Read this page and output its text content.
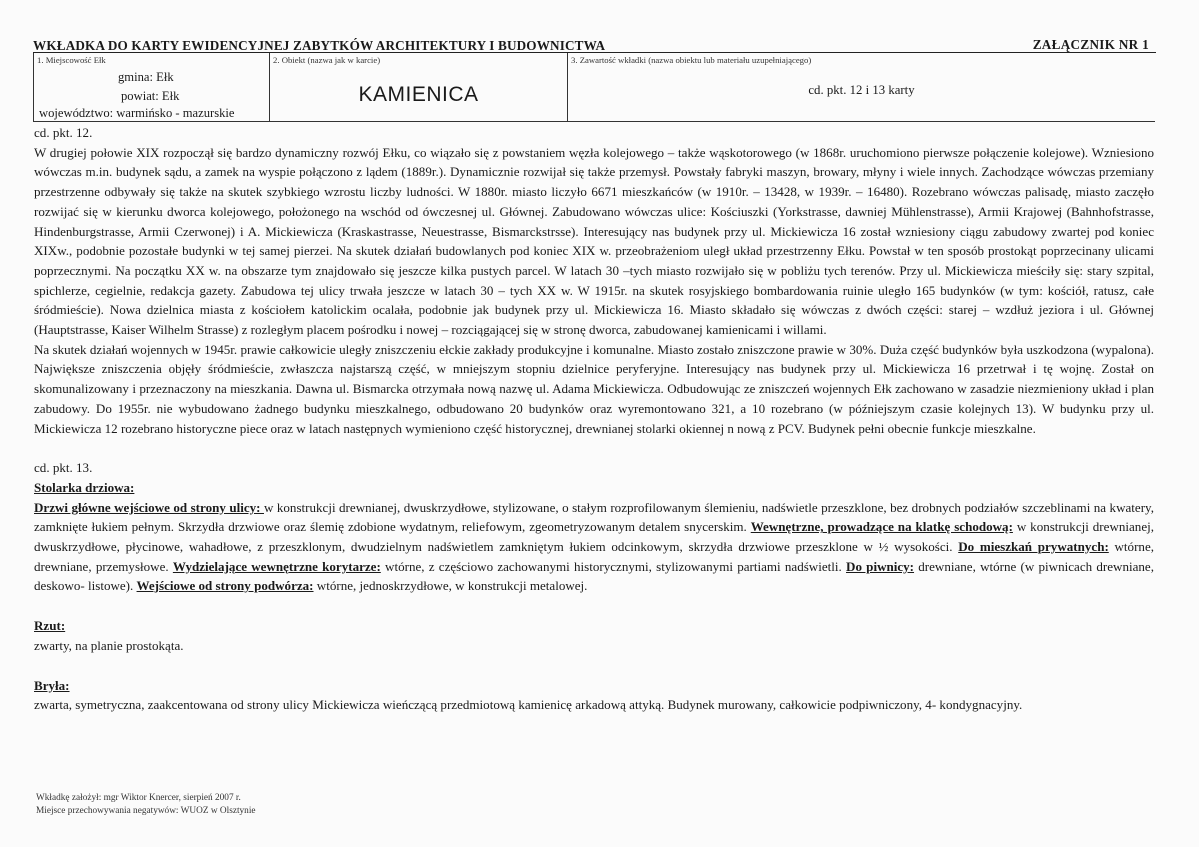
WKŁADKA DO KARTY EWIDENCYJNEJ ZABYTKÓW ARCHITEKTURY I BUDOWNICTWA	ZAŁĄCZNIK NR 1
1. Miejscowość Ełk
gmina: Ełk
powiat: Ełk
województwo: warmińsko - mazurskie
2. Obiekt (nazwa jak w karcie)
KAMIENICA
3. Zawartość wkładki (nazwa obiektu lub materiału uzupełniającego)
cd. pkt. 12 i 13 karty
cd. pkt. 12.

W drugiej połowie XIX rozpoczął się bardzo dynamiczny rozwój Ełku, co wiązało się z powstaniem węzła kolejowego – także wąskotorowego (w 1868r. uruchomiono pierwsze połączenie kolejowe). Wzniesiono wówczas m.in. budynek sądu, a zamek na wyspie połączono z lądem (1889r.). Dynamicznie rozwijał się także przemysł. Powstały fabryki maszyn, browary, młyny i wiele innych. Zachodzące wówczas przemiany przestrzenne odbywały się także na skutek szybkiego wzrostu liczby ludności. W 1880r. miasto liczyło 6671 mieszkańców (w 1910r. – 13428, w 1939r. – 16480). Rozebrano wówczas palisadę, miasto zaczęło rozwijać się w kierunku dworca kolejowego, położonego na wschód od ówczesnej ul. Głównej. Zabudowano wówczas ulice: Kościuszki (Yorkstrasse, dawniej Mühlenstrasse), Armii Krajowej (Bahnhofstrasse, Hindenburgstrasse, Armii Czerwonej) i A. Mickiewicza (Kraskastrasse, Neuestrasse, Bismarckstrsse). Interesujący nas budynek przy ul. Mickiewicza 16 został wzniesiony ciągu zabudowy zwartej pod koniec XIXw., podobnie pozostałe budynki w tej samej pierzei. Na skutek działań budowlanych pod koniec XIX w. przeobrażeniom uległ układ przestrzenny Ełku. Powstał w ten sposób prostokąt poprzecinany ulicami poprzecznymi. Na początku XX w. na obszarze tym znajdowało się jeszcze kilka pustych parcel. W latach 30 –tych miasto rozwijało się w pobliżu tych terenów. Przy ul. Mickiewicza mieściły się: stary szpital, spichlerze, cegielnie, redakcja gazety. Zabudowa tej ulicy trwała jeszcze w latach 30 – tych XX w. W 1915r. na skutek rosyjskiego bombardowania ruinie uległo 165 budynków (w tym: kościół, ratusz, całe śródmieście). Nowa dzielnica miasta z kościołem katolickim ocalała, podobnie jak budynek przy ul. Mickiewicza 16. Miasto składało się wówczas z dwóch części: starej – wzdłuż jeziora i ul. Głównej (Hauptstrasse, Kaiser Wilhelm Strasse) z rozległym placem pośrodku i nowej – rozciągającej się w stronę dworca, zabudowanej kamienicami i willami.

Na skutek działań wojennych w 1945r. prawie całkowicie uległy zniszczeniu ełckie zakłady produkcyjne i komunalne. Miasto zostało zniszczone prawie w 30%. Duża część budynków była uszkodzona (wypalona). Największe zniszczenia objęły śródmieście, zwłaszcza najstarszą część, w mniejszym stopniu dzielnice peryferyjne. Interesujący nas budynek przy ul. Mickiewicza 16 przetrwał i tę wojnę. Został on skomunalizowany i przeznaczony na mieszkania. Dawna ul. Bismarcka otrzymała nową nazwę ul. Adama Mickiewicza. Odbudowując ze zniszczeń wojennych Ełk zachowano w zasadzie niezmieniony układ i plan zabudowy. Do 1955r. nie wybudowano żadnego budynku mieszkalnego, odbudowano 20 budynków oraz wyremontowano 321, a 10 rozebrano (w późniejszym czasie kolejnych 13). W budynku przy ul. Mickiewicza 12 rozebrano historyczne piece oraz w latach następnych wymieniono część historycznej, drewnianej stolarki okiennej n nową z PCV. Budynek pełni obecnie funkcje mieszkalne.

cd. pkt. 13.
Stolarka drziowa:

Drzwi główne wejściowe od strony ulicy: w konstrukcji drewnianej, dwuskrzydłowe, stylizowane, o stałym rozprofilowanym ślemieniu, nadświetle przeszklone, bez drobnych podziałów szczeblinami na kwatery, zamknięte łukiem pełnym. Skrzydła drzwiowe oraz ślemię zdobione wydatnym, reliefowym, zgeometryzowanym detalem snycerskim. Wewnętrzne, prowadzące na klatkę schodową: w konstrukcji drewnianej, dwuskrzydłowe, płycinowe, wahadłowe, z przeszklonym, dwudzielnym nadświetlem zamkniętym łukiem odcinkowym, skrzydła drzwiowe przeszklone w ½ wysokości. Do mieszkań prywatnych: wtórne, drewniane, przemysłowe. Wydzielające wewnętrzne korytarze: wtórne, z częściowo zachowanymi historycznymi, stylizowanymi partiami nadświetli. Do piwnicy: drewniane, wtórne (w piwnicach drewniane, deskowo- listowe). Wejściowe od strony podwórza: wtórne, jednoskrzydłowe, w konstrukcji metalowej.

Rzut:
zwarty, na planie prostokąta.
Bryła:

zwarta, symetryczna, zaakcentowana od strony ulicy Mickiewicza wieńczącą przedmiotową kamienicę arkadową attyką. Budynek murowany, całkowicie podpiwniczony, 4- kondygnacyjny.

Wkładkę założył: mgr Wiktor Knercer, sierpień 2007 r.
Miejsce przechowywania negatywów: WUOZ w Olsztynie
